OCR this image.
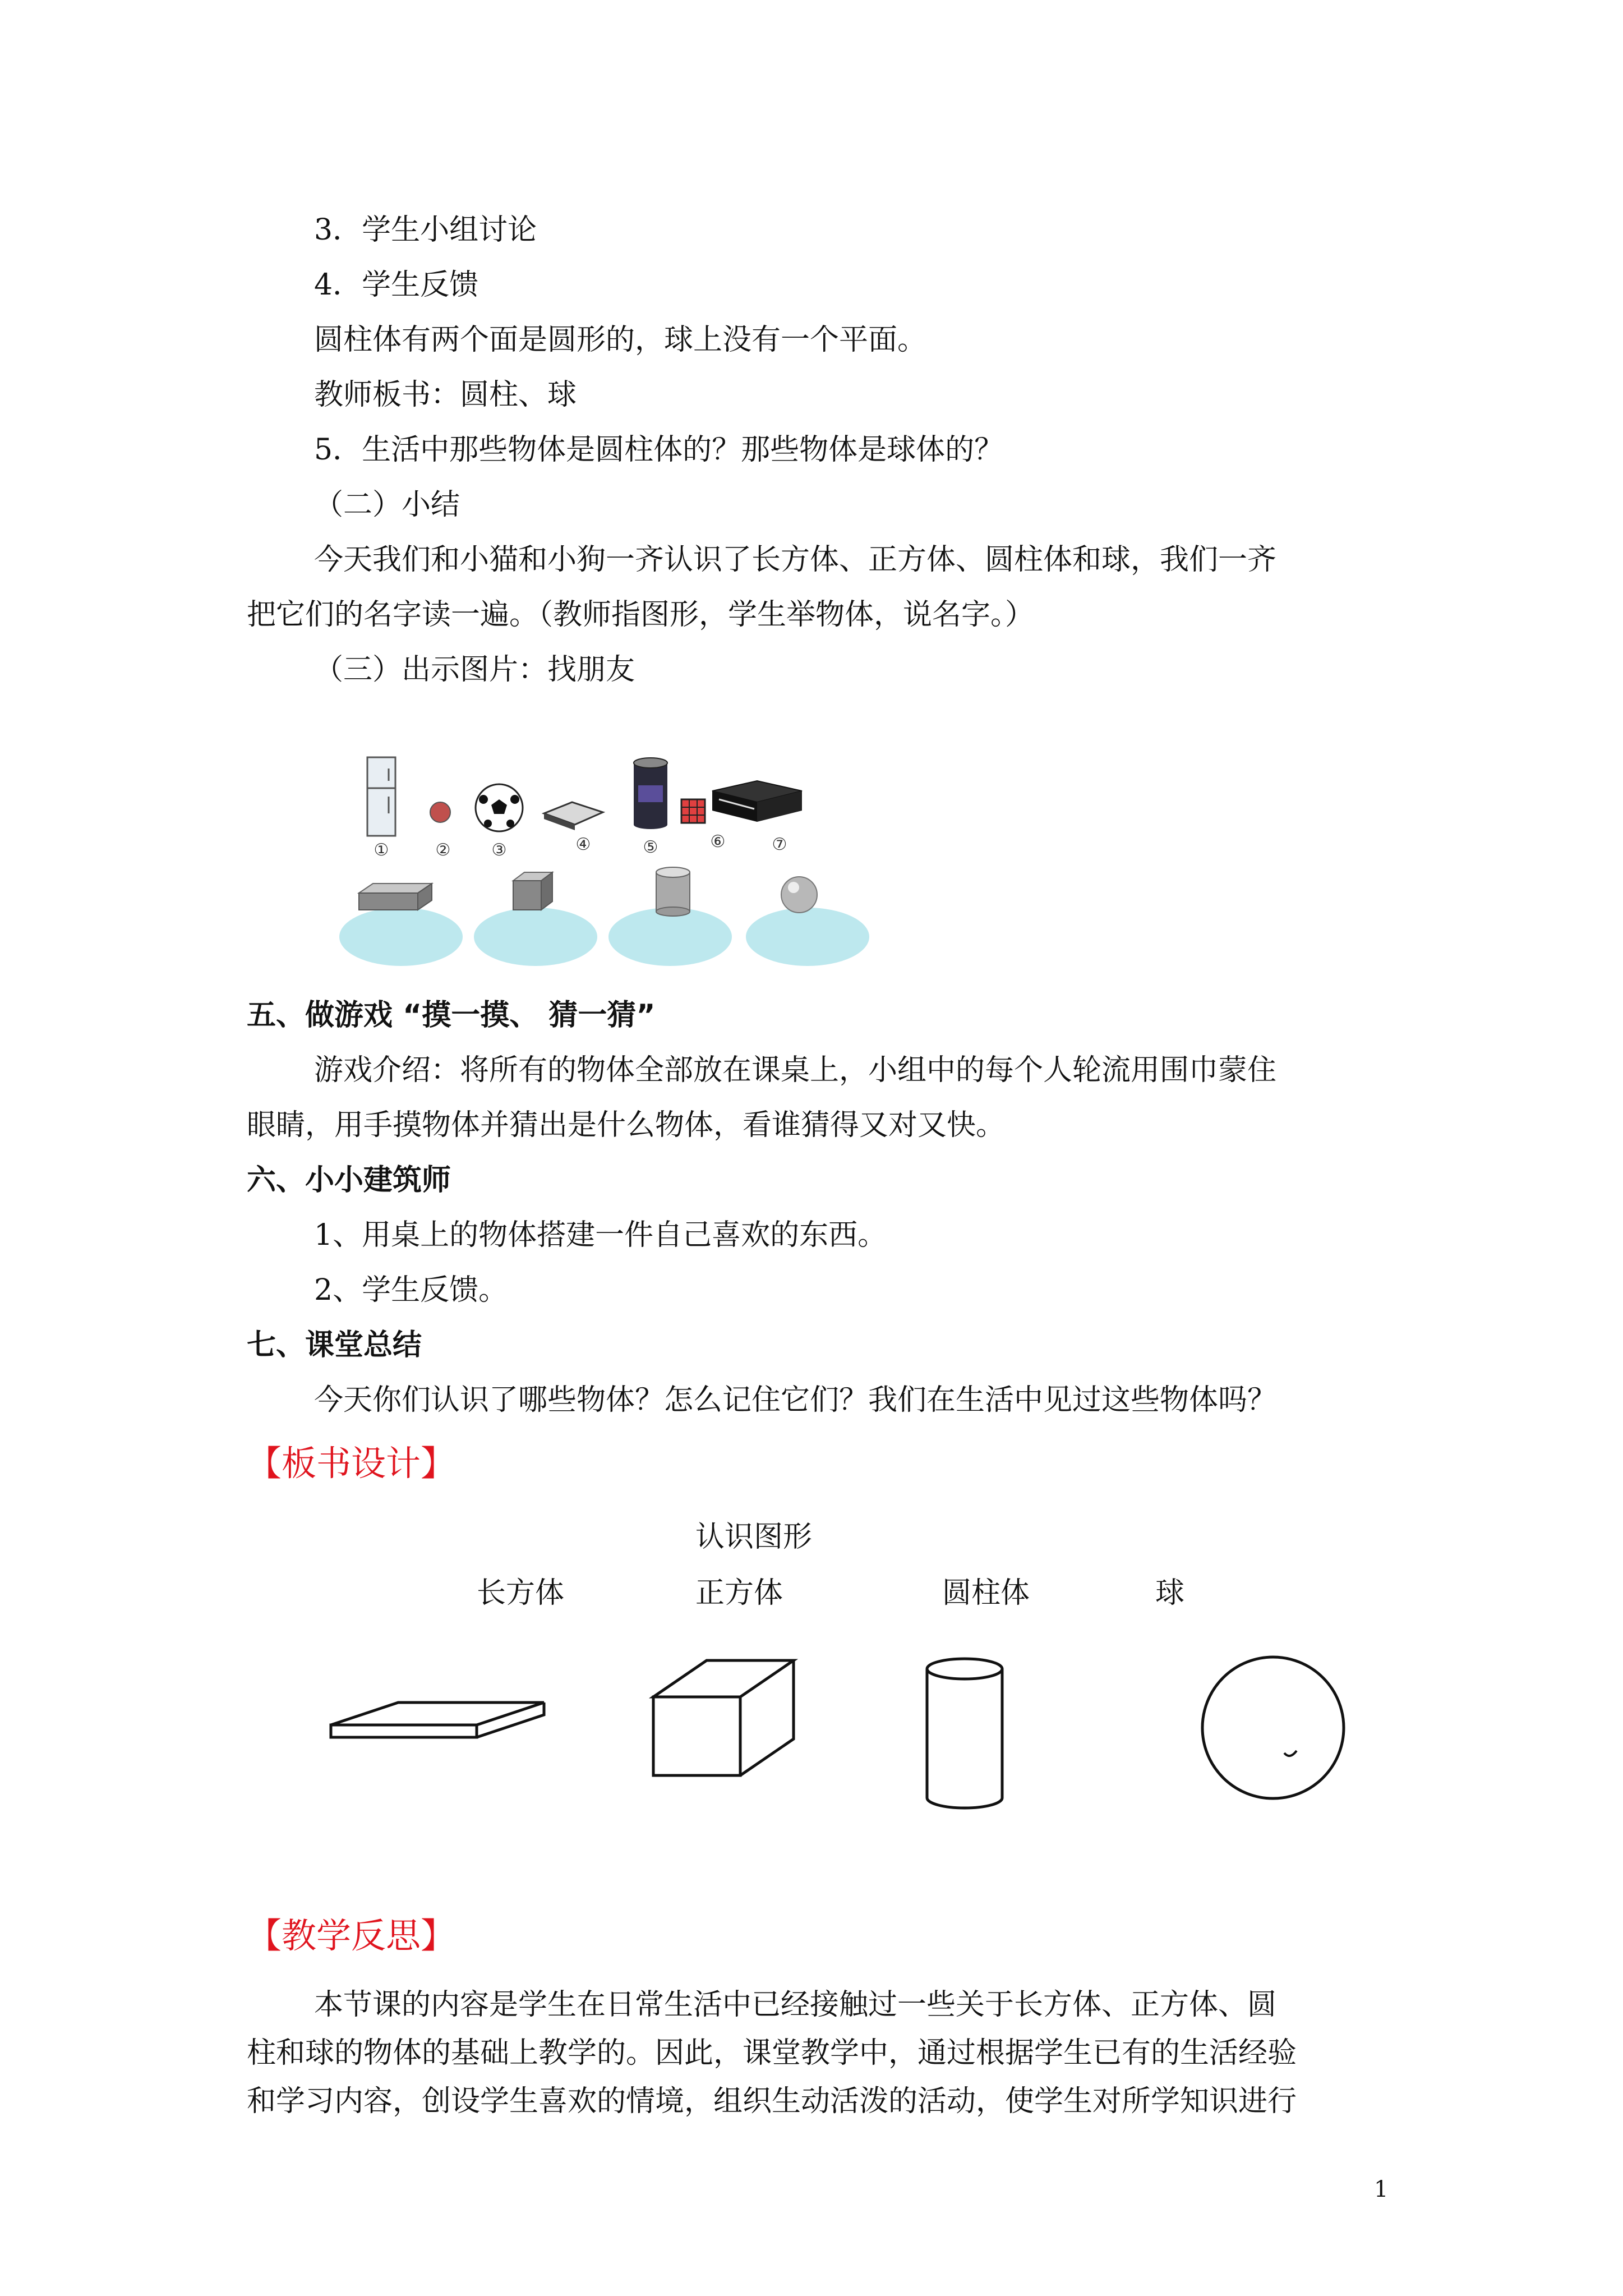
3．学生小组讨论
4．学生反馈
圆柱体有两个面是圆形的，球上没有一个平面。
教师板书：圆柱、球
5．生活中那些物体是圆柱体的？那些物体是球体的？
（二）小结
今天我们和小猫和小狗一齐认识了长方体、正方体、圆柱体和球，我们一齐
把它们的名字读一遍。（教师指图形，学生举物体，说名字。）
（三）出示图片：找朋友
①	② ③	④	⑤	⑥	⑦
五、做游戏 “摸一摸、 猜一猜”
游戏介绍：将所有的物体全部放在课桌上，小组中的每个人轮流用围巾蒙住
眼睛，用手摸物体并猜出是什么物体，看谁猜得又对又快。
六、小小建筑师
1、用桌上的物体搭建一件自己喜欢的东西。
2、学生反馈。
七、课堂总结
今天你们认识了哪些物体？怎么记住它们？我们在生活中见过这些物体吗？
【板书设计】
认识图形
长方体	正方体	圆柱体	球
【教学反思】
本节课的内容是学生在日常生活中已经接触过一些关于长方体、正方体、圆
柱和球的物体的基础上教学的。因此，课堂教学中，通过根据学生已有的生活经验
和学习内容，创设学生喜欢的情境，组织生动活泼的活动，使学生对所学知识进行
1
